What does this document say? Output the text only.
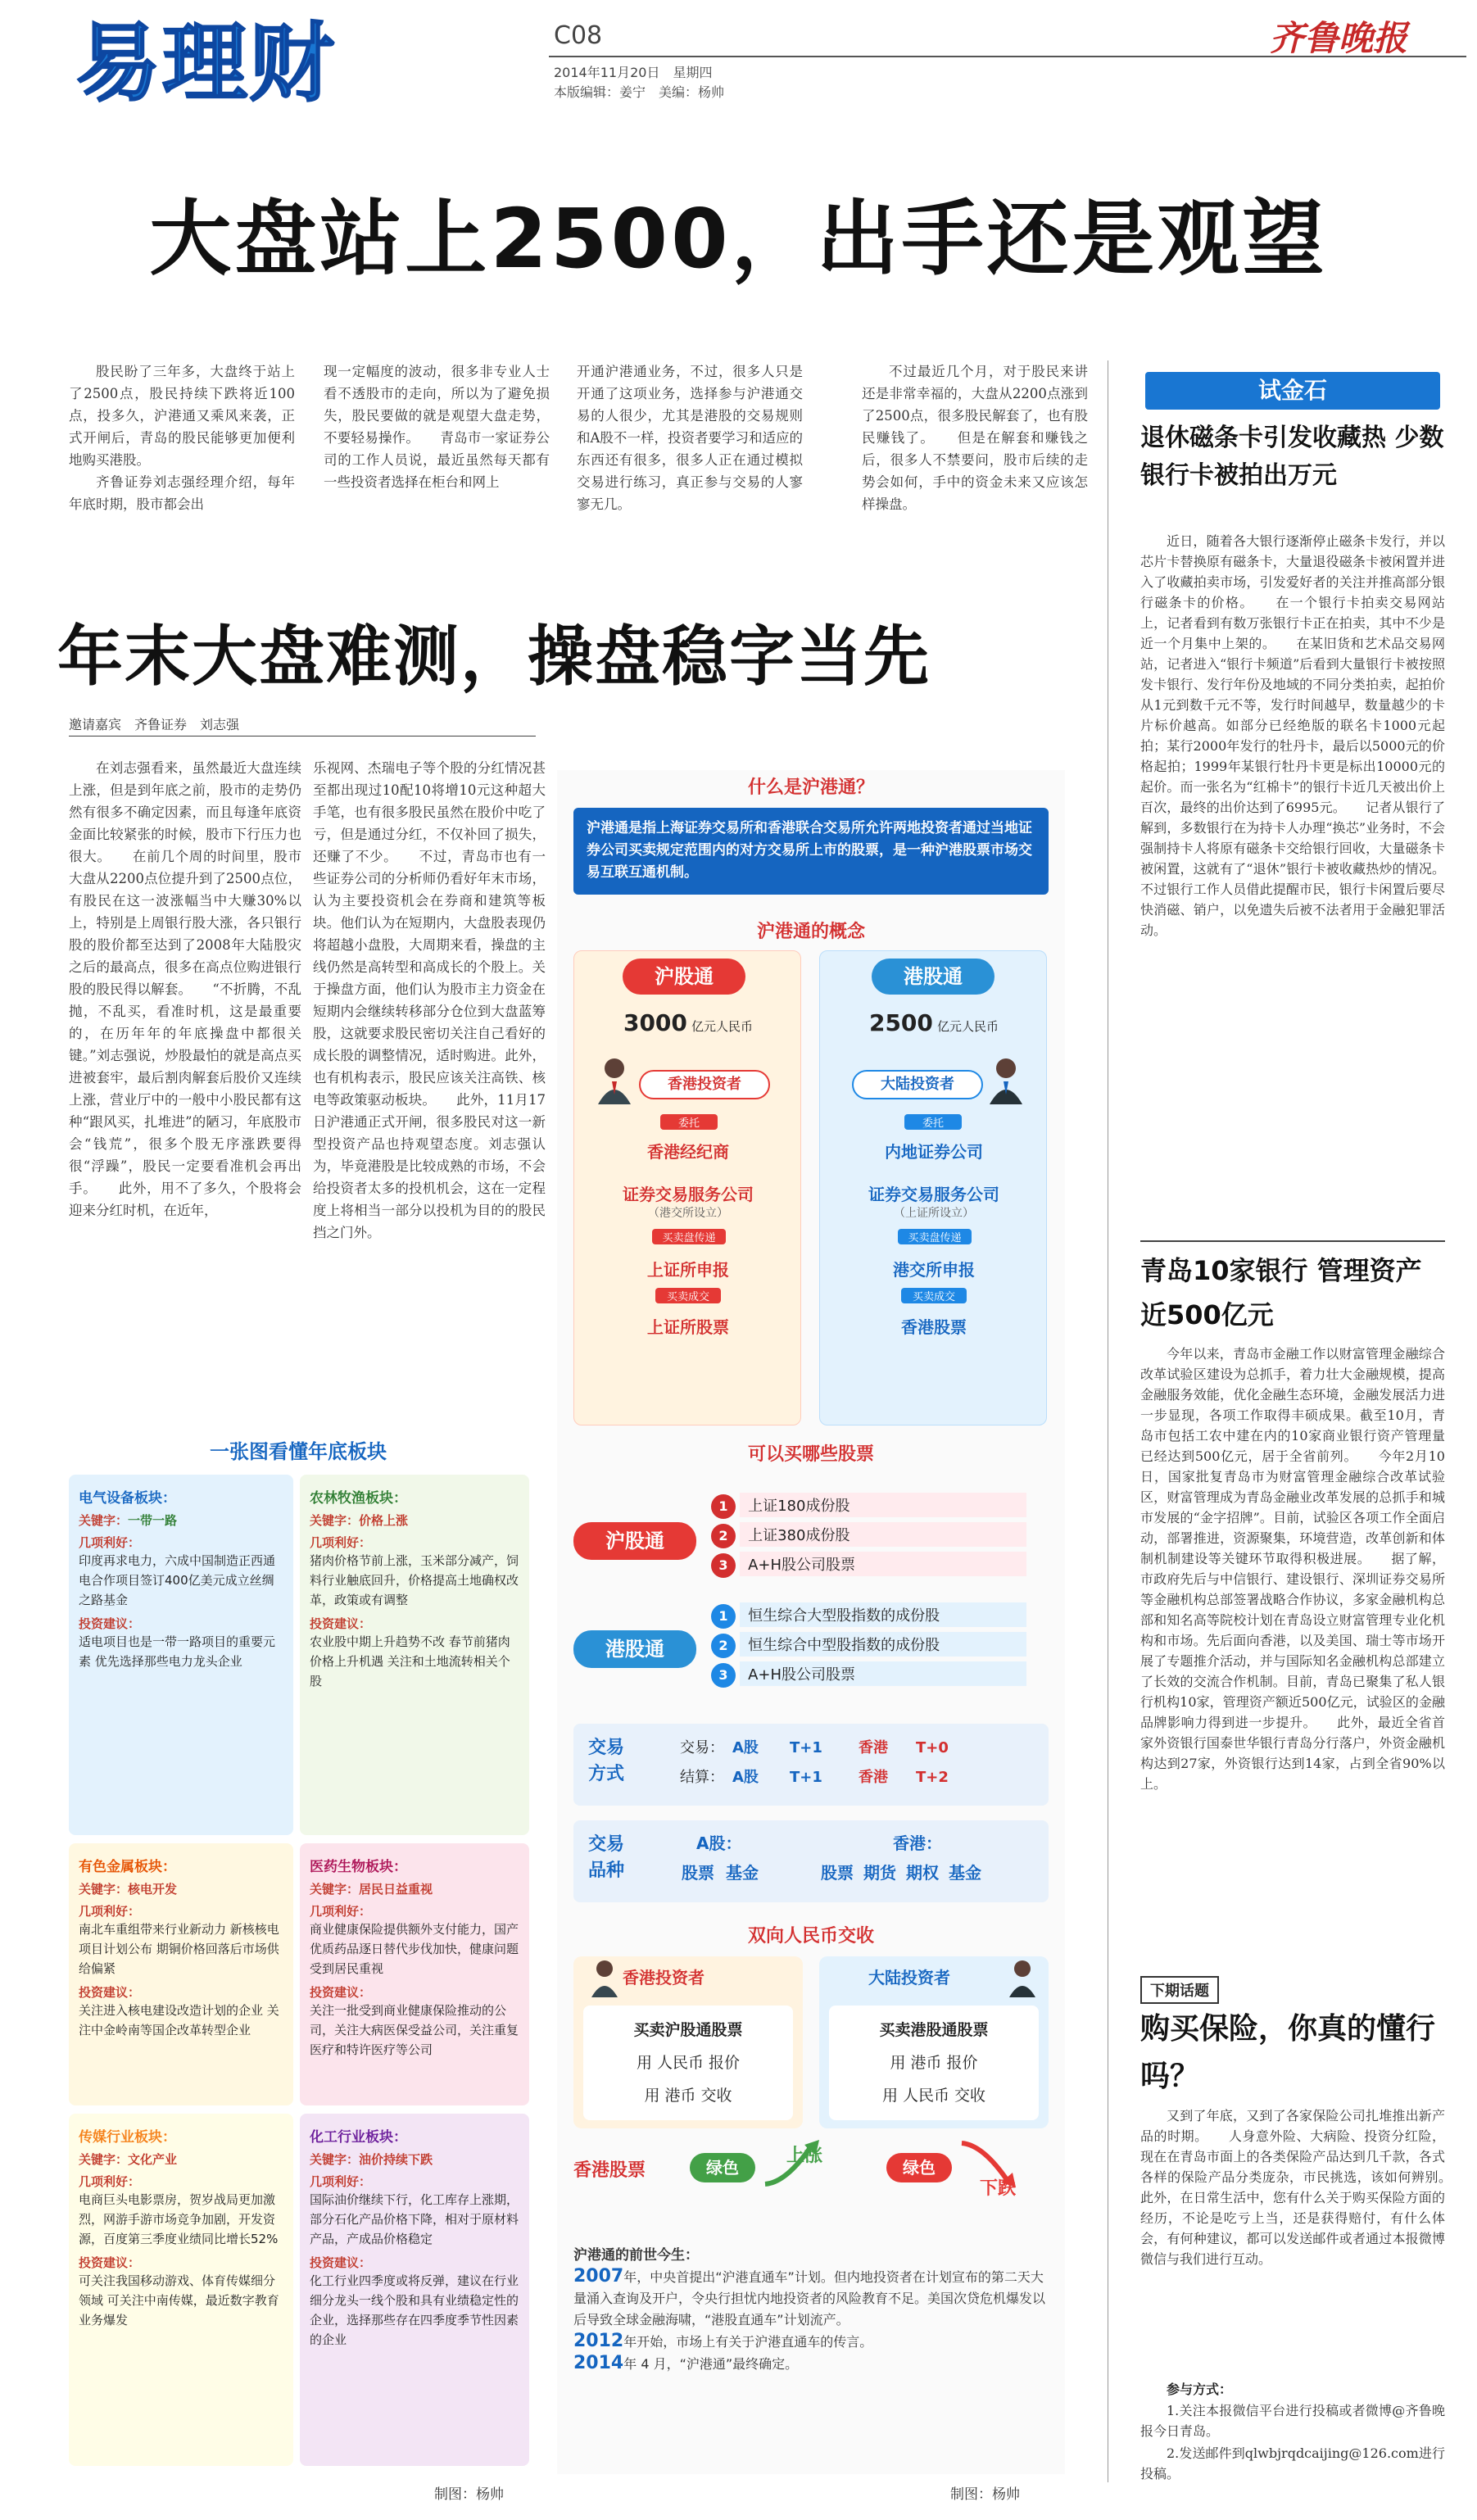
易理财	C08
2014年11月20日　星期四
本版编辑：姜宁　美编：杨帅
齐鲁晚报
大盘站上2500，出手还是观望

股民盼了三年多，大盘终于站上了2500点，股民持续下跌将近100点，投多久，沪港通又乘风来袭，正式开闸后，青岛的股民能够更加便利地购买港股。

齐鲁证券刘志强经理介绍，每年年底时期，股市都会出

现一定幅度的波动，很多非专业人士看不透股市的走向，所以为了避免损失，股民要做的就是观望大盘走势，不要轻易操作。　　青岛市一家证券公司的工作人员说，最近虽然每天都有一些投资者选择在柜台和网上
开通沪港通业务，不过，很多人只是开通了这项业务，选择参与沪港通交易的人很少，尤其是港股的交易规则和A股不一样，投资者要学习和适应的东西还有很多，很多人正在通过模拟交易进行练习，真正参与交易的人寥寥无几。
不过最近几个月，对于股民来讲还是非常幸福的，大盘从2200点涨到了2500点，很多股民解套了，也有股民赚钱了。　　但是在解套和赚钱之后，很多人不禁要问，股市后续的走势会如何，手中的资金未来又应该怎样操盘。
年末大盘难测，操盘稳字当先
邀请嘉宾　齐鲁证券　刘志强
在刘志强看来，虽然最近大盘连续上涨，但是到年底之前，股市的走势仍然有很多不确定因素，而且每逢年底资金面比较紧张的时候，股市下行压力也很大。　　在前几个周的时间里，股市大盘从2200点位提升到了2500点位，有股民在这一波涨幅当中大赚30%以上，特别是上周银行股大涨，各只银行股的股价都至达到了2008年大陆股灾之后的最高点，很多在高点位购进银行股的股民得以解套。　　“不折腾，不乱抛，不乱买，看准时机，这是最重要的，在历年年的年底操盘中都很关键。”刘志强说，炒股最怕的就是高点买进被套牢，最后割肉解套后股价又连续上涨，营业厅中的一般中小股民都有这种“跟风买，扎堆进”的陋习，年底股市会“钱荒”，很多个股无序涨跌要得很“浮躁”，股民一定要看准机会再出手。　　此外，用不了多久，个股将会迎来分红时机，在近年，
乐视网、杰瑞电子等个股的分红情况甚至都出现过10配10将增10元这种超大手笔，也有很多股民虽然在股价中吃了亏，但是通过分红，不仅补回了损失，还赚了不少。　　不过，青岛市也有一些证券公司的分析师仍看好年末市场，认为主要投资机会在券商和建筑等板块。他们认为在短期内，大盘股表现仍将超越小盘股，大周期来看，操盘的主线仍然是高转型和高成长的个股上。关于操盘方面，他们认为股市主力资金在短期内会继续转移部分仓位到大盘蓝筹股，这就要求股民密切关注自己看好的成长股的调整情况，适时购进。此外，也有机构表示，股民应该关注高铁、核电等政策驱动板块。　　此外，11月17日沪港通正式开闸，很多股民对这一新型投资产品也持观望态度。刘志强认为，毕竟港股是比较成熟的市场，不会给投资者太多的投机机会，这在一定程度上将相当一部分以投机为目的的股民挡之门外。
一张图看懂年底板块
电气设备板块：
关键字：一带一路
几项利好：
印度再求电力，六成中国制造正西通电合作项目签订400亿美元成立丝绸之路基金
投资建议：
适电项目也是一带一路项目的重要元素 优先选择那些电力龙头企业
农林牧渔板块：
关键字：价格上涨
几项利好：
猪肉价格节前上涨，玉米部分减产，饲料行业触底回升，价格提高土地确权改革，政策或有调整
投资建议：
农业股中期上升趋势不改 春节前猪肉价格上升机遇 关注和土地流转相关个股
有色金属板块：
关键字：核电开发
几项利好：
南北车重组带来行业新动力 新核核电项目计划公布 期铜价格回落后市场供给偏紧
投资建议：
关注进入核电建设改造计划的企业 关注中金岭南等国企改革转型企业
医药生物板块：
关键字：居民日益重视
几项利好：
商业健康保险提供额外支付能力，国产优质药品逐日替代步伐加快，健康问题受到居民重视
投资建议：
关注一批受到商业健康保险推动的公司，关注大病医保受益公司，关注重复医疗和特许医疗等公司
传媒行业板块：
关键字：文化产业
几项利好：
电商巨头电影票房，贺岁战局更加激烈，网游手游市场竞争加剧，开发资源，百度第三季度业绩同比增长52%
投资建议：
可关注我国移动游戏、体育传媒细分领域 可关注中南传媒，最近数字教育业务爆发
化工行业板块：
关键字：油价持续下跌
几项利好：
国际油价继续下行，化工库存上涨期，部分石化产品价格下降，相对于原材料产品，产成品价格稳定
投资建议：
化工行业四季度或将反弹，建议在行业细分龙头一线个股和具有业绩稳定性的企业，选择那些存在四季度季节性因素的企业
制图：杨帅
什么是沪港通？
沪港通是指上海证券交易所和香港联合交易所允许两地投资者通过当地证券公司买卖规定范围内的对方交易所上市的股票，是一种沪港股票市场交易互联互通机制。
沪港通的概念
沪股通
3000 亿元人民币
香港投资者
委托
香港经纪商
证券交易服务公司
（港交所设立）
买卖盘传递
上证所申报
买卖成交
上证所股票
港股通
2500 亿元人民币
大陆投资者
委托
内地证券公司
证券交易服务公司
（上证所设立）
买卖盘传递
港交所申报
买卖成交
香港股票
可以买哪些股票
沪股通
1 上证180成份股
2 上证380成份股
3 A+H股公司股票
港股通
1 恒生综合大型股指数的成份股
2 恒生综合中型股指数的成份股
3 A+H股公司股票
交易方式
交易： A股 T+1 香港 T+0
结算： A股 T+1 香港 T+2
交易品种
A股：	香港：
股票 基金	股票 期货 期权 基金
双向人民币交收
香港投资者
买卖沪股通股票
用 人民币 报价
用 港币 交收
大陆投资者
买卖港股通股票
用 港币 报价
用 人民币 交收
香港股票	绿色
上涨
绿色
下跌
沪港通的前世今生：
2007年，中央首提出“沪港直通车”计划。但内地投资者在计划宣布的第二天大量涌入查询及开户，令央行担忧内地投资者的风险教育不足。美国次贷危机爆发以后导致全球金融海啸，“港股直通车”计划流产。
2012年开始，市场上有关于沪港直通车的传言。
2014年 4 月，“沪港通”最终确定。
制图：杨帅
试金石
退休磁条卡引发收藏热 少数银行卡被拍出万元
近日，随着各大银行逐渐停止磁条卡发行，并以芯片卡替换原有磁条卡，大量退役磁条卡被闲置并进入了收藏拍卖市场，引发爱好者的关注并推高部分银行磁条卡的价格。　　在一个银行卡拍卖交易网站上，记者看到有数万张银行卡正在拍卖，其中不少是近一个月集中上架的。　　在某旧货和艺术品交易网站，记者进入“银行卡频道”后看到大量银行卡被按照发卡银行、发行年份及地域的不同分类拍卖，起拍价从1元到数千元不等，发行时间越早，数量越少的卡片标价越高。如部分已经绝版的联名卡1000元起拍；某行2000年发行的牡丹卡，最后以5000元的价格起拍；1999年某银行牡丹卡更是标出10000元的起价。而一张名为“红棉卡”的银行卡近几天被出价上百次，最终的出价达到了6995元。　　记者从银行了解到，多数银行在为持卡人办理“换芯”业务时，不会强制持卡人将原有磁条卡交给银行回收，大量磁条卡被闲置，这就有了“退休”银行卡被收藏热炒的情况。不过银行工作人员借此提醒市民，银行卡闲置后要尽快消磁、销户，以免遗失后被不法者用于金融犯罪活动。
青岛10家银行 管理资产近500亿元
今年以来，青岛市金融工作以财富管理金融综合改革试验区建设为总抓手，着力壮大金融规模，提高金融服务效能，优化金融生态环境，金融发展活力进一步显现，各项工作取得丰硕成果。截至10月，青岛市包括工农中建在内的10家商业银行资产管理量已经达到500亿元，居于全省前列。　　今年2月10日，国家批复青岛市为财富管理金融综合改革试验区，财富管理成为青岛金融业改革发展的总抓手和城市发展的“金字招牌”。目前，试验区各项工作全面启动，部署推进，资源聚集，环境营造，改革创新和体制机制建设等关键环节取得积极进展。　　据了解，市政府先后与中信银行、建设银行、深圳证券交易所等金融机构总部签署战略合作协议，多家金融机构总部和知名高等院校计划在青岛设立财富管理专业化机构和市场。先后面向香港，以及美国、瑞士等市场开展了专题推介活动，并与国际知名金融机构总部建立了长效的交流合作机制。目前，青岛已聚集了私人银行机构10家，管理资产额近500亿元，试验区的金融品牌影响力得到进一步提升。　　此外，最近全省首家外资银行国泰世华银行青岛分行落户，外资金融机构达到27家，外资银行达到14家，占到全省90%以上。
下期话题
购买保险，你真的懂行吗？
又到了年底，又到了各家保险公司扎堆推出新产品的时期。　　人身意外险、大病险、投资分红险，现在在青岛市面上的各类保险产品达到几千款，各式各样的保险产品分类庞杂，市民挑选，该如何辨别。　　此外，在日常生活中，您有什么关于购买保险方面的经历，不论是吃亏上当，还是获得赔付，有什么体会，有何种建议，都可以发送邮件或者通过本报微博微信与我们进行互动。
参与方式：
1.关注本报微信平台进行投稿或者微博@齐鲁晚报今日青岛。
2.发送邮件到qlwbjrqdcaijing@126.com进行投稿。
